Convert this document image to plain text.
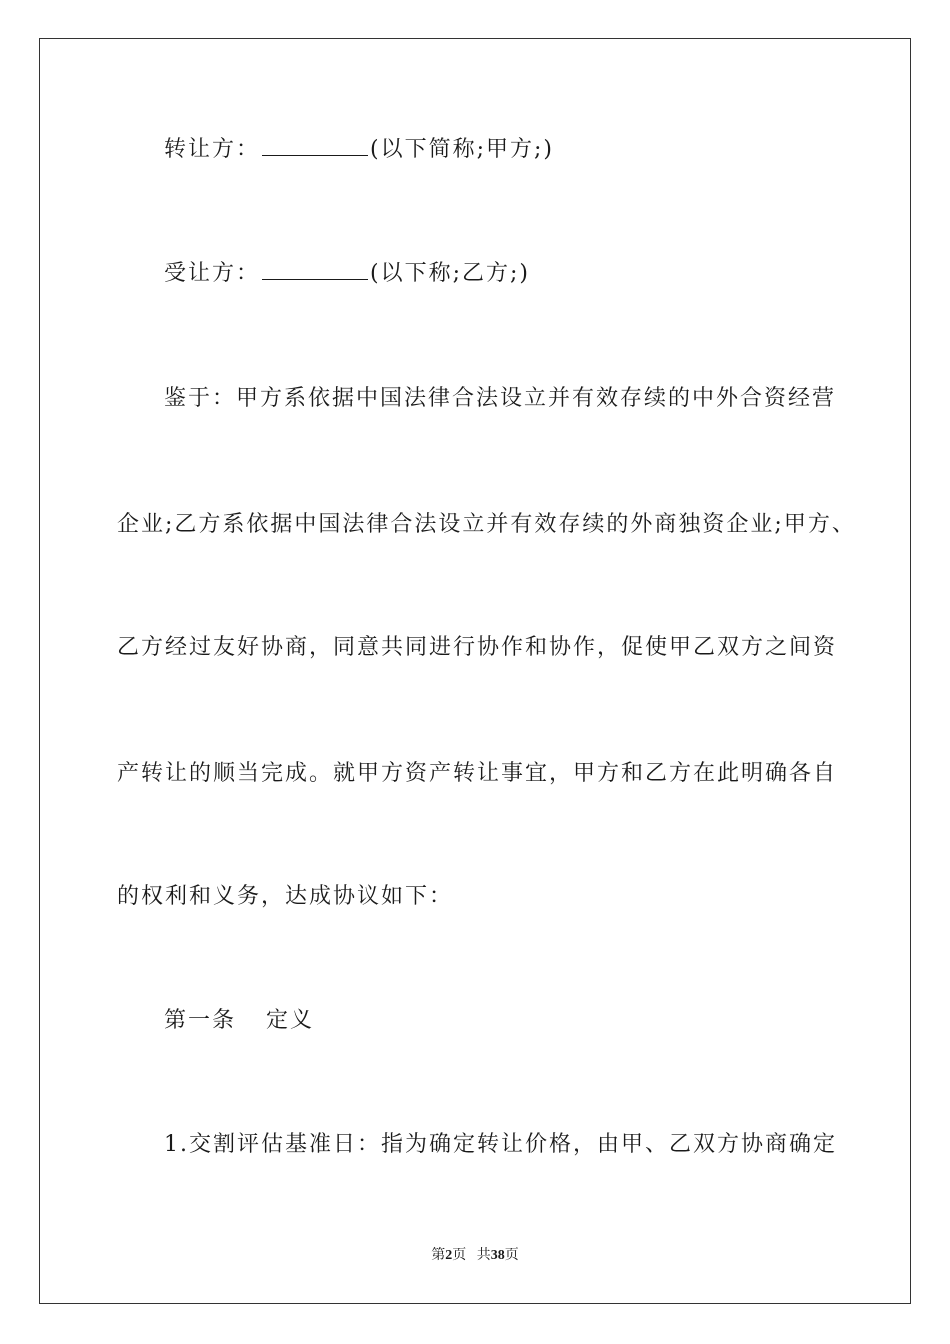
转让方：	(以下简称;甲方;)
受让方：	(以下称;乙方;)
鉴于：甲方系依据中国法律合法设立并有效存续的中外合资经营
企业;乙方系依据中国法律合法设立并有效存续的外商独资企业;甲方、
乙方经过友好协商，同意共同进行协作和协作，促使甲乙双方之间资
产转让的顺当完成。就甲方资产转让事宜，甲方和乙方在此明确各自
的权利和义务，达成协议如下：
第一条 定义
1.交割评估基准日：指为确定转让价格，由甲、乙双方协商确定
第2页 共38页
